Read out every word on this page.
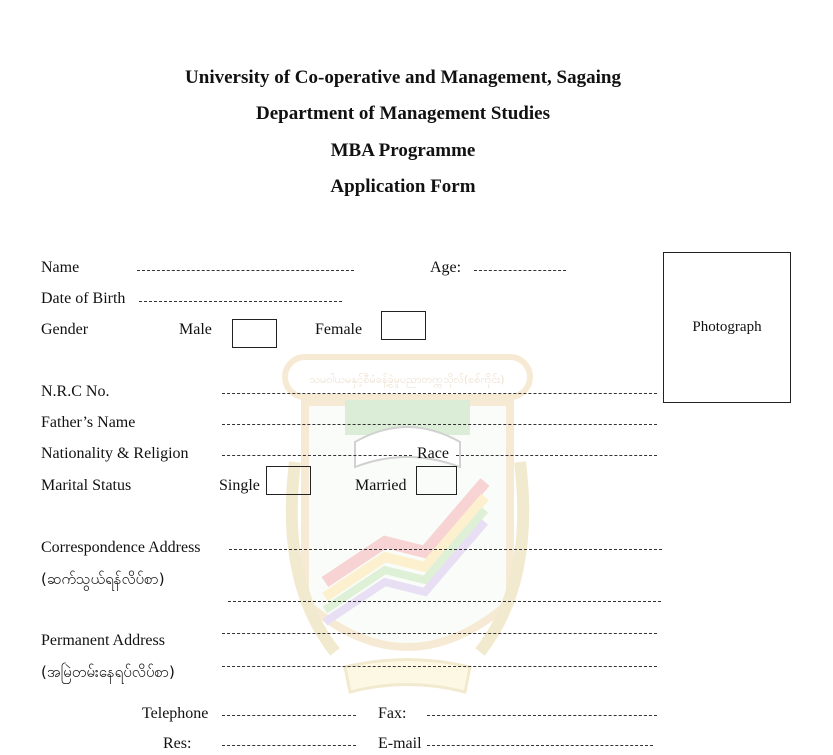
သမဝါယမနှင့်စီမံခန့်ခွဲမှုပညာတက္ကသိုလ်(စစ်ကိုင်း)
University of Co-operative and Management, Sagaing
Department of Management Studies
MBA Programme
Application Form
Photograph
Name	Age:
Date of Birth
Gender	Male	Female
N.R.C No.
Father’s Name
Nationality & Religion	Race
Marital Status	Single	Married
Correspondence Address
(ဆက်သွယ်ရန်လိပ်စာ)
Permanent Address
(အမြဲတမ်းနေရပ်လိပ်စာ)
Telephone	Fax:
Res:	E-mail
